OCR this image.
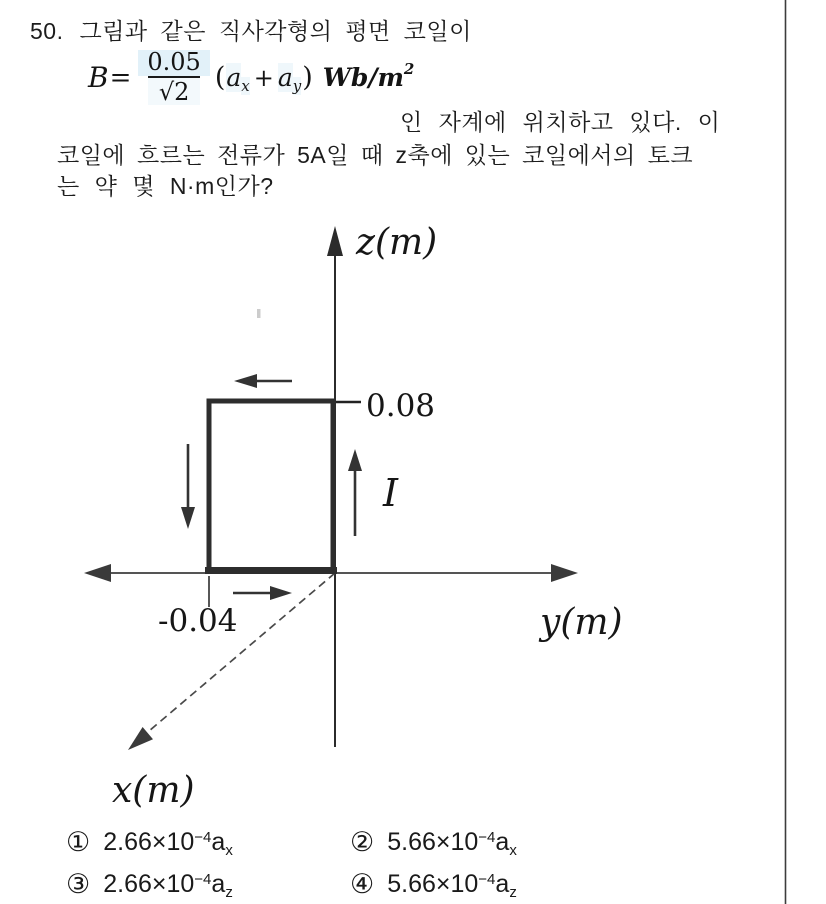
50. 그림과 같은 직사각형의 평면 코일이
$B = \frac{0.05}{√2}$ ( a x + a y ) Wb/m 2
인 자계에 위치하고 있다. 이
코일에 흐르는 전류가 5A일 때 z축에 있는 코일에서의 토크
는 약 몇 N·m인가?
z(m)
y(m)
x(m)
0.08
-0.04
I
① 2.66×10 −4 a x	② 5.66×10 −4 a x
③ 2.66×10 −4 a z	④ 5.66×10 −4 a z
